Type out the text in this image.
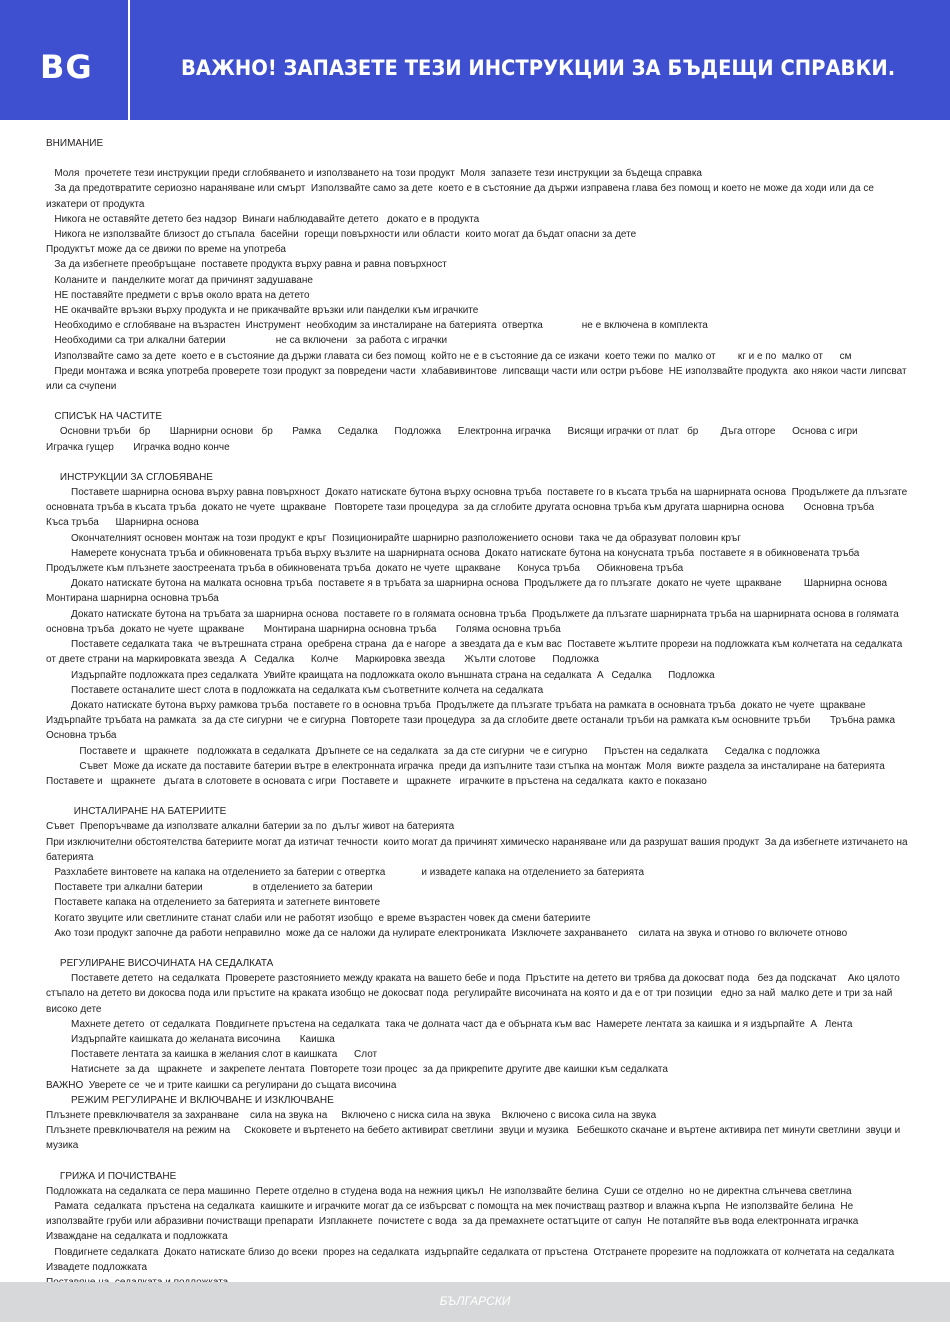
BG	ВАЖНО! ЗАПАЗЕТЕ ТЕЗИ ИНСТРУКЦИИ ЗА БЪДЕЩИ СПРАВКИ.

ВНИМАНИЕ

Моля  прочетете тези инструкции преди сглобяването и използването на този продукт  Моля  запазете тези инструкции за бъдеща справка

За да предотвратите сериозно нараняване или смърт  Използвайте само за дете  което е в състояние да държи изправена глава без помощ и което не може да ходи или да се изкатери от продукта

Никога не оставяйте детето без надзор  Винаги наблюдавайте детето   докато е в продукта

Никога не използвайте близост до стъпала  басейни  горещи повърхности или области  които могат да бъдат опасни за дете

Продуктът може да се движи по време на употреба

За да избегнете преобръщане  поставете продукта върху равна и равна повърхност

Коланите и  панделките могат да причинят задушаване

НЕ поставяйте предмети с връв около врата на детето

НЕ окачвайте връзки върху продукта и не прикачвайте връзки или панделки към играчките

Необходимо е сглобяване на възрастен  Инструмент  необходим за инсталиране на батерията  отвертка              не е включена в комплекта

Необходими са три алкални батерии                  не са включени   за работа с играчки

Използвайте само за дете  което е в състояние да държи главата си без помощ  който не е в състояние да се изкачи  което тежи по  малко от        кг и е по  малко от      см

Преди монтажа и всяка употреба проверете този продукт за повредени части  хлабавивинтове  липсващи части или остри ръбове  НЕ използвайте продукта  ако някои части липсват или са счупени

СПИСЪК НА ЧАСТИТЕ

Основни тръби   бр       Шарнирни основи   бр       Рамка      Седалка      Подложка      Електронна играчка      Висящи играчки от плат   бр        Дъга отгоре      Основа с игри         Играчка гущер       Играчка водно конче

ИНСТРУКЦИИ ЗА СГЛОБЯВАНЕ

Поставете шарнирна основа върху равна повърхност  Докато натискате бутона върху основна тръба  поставете го в късата тръба на шарнирната основа  Продължете да плъзгате основната тръба в късата тръба  докато не чуете  щракване   Повторете тази процедура  за да сглобите другата основна тръба към другата шарнирна основа       Основна тръба      Къса тръба      Шарнирна основа

Окончателният основен монтаж на този продукт е кръг  Позиционирайте шарнирно разположението основи  така че да образуват половин кръг

Намерете конусната тръба и обикновената тръба върху възлите на шарнирната основа  Докато натискате бутона на конусната тръба  поставете я в обикновената тръба  Продължете към плъзнете заостреената тръба в обикновената тръба  докато не чуете  щракване      Конуса тръба      Обикновена тръба

Докато натискате бутона на малката основна тръба  поставете я в тръбата за шарнирна основа  Продължете да го плъзгате  докато не чуете  щракване        Шарнирна основа       Монтирана шарнирна основна тръба

Докато натискате бутона на тръбата за шарнирна основа  поставете го в голямата основна тръба  Продължете да плъзгате шарнирната тръба на шарнирната основа в голямата основна тръба  докато не чуете  щракване       Монтирана шарнирна основна тръба       Голяма основна тръба

Поставете седалката така  че вътрешната страна  оребрена страна  да е нагоре  а звездата да е към вас  Поставете жълтите прорези на подложката към колчетата на седалката от двете страни на маркировката звезда  A   Седалка      Колче      Маркировка звезда       Жълти слотове      Подложка

Издърпайте подложката през седалката  Увийте краищата на подложката около външната страна на седалката  A   Седалка      Подложка

Поставете останалите шест слота в подложката на седалката към съответните колчета на седалката

Докато натискате бутона върху рамкова тръба  поставете го в основна тръба  Продължете да плъзгате тръбата на рамката в основната тръба  докато не чуете  щракване   Издърпайте тръбата на рамката  за да сте сигурни  че е сигурна  Повторете тази процедура  за да сглобите двете останали тръби на рамката към основните тръби       Тръбна рамка       Основна тръба

Поставете и   щракнете   подложката в седалката  Дръпнете се на седалката  за да сте сигурни  че е сигурно      Пръстен на седалката      Седалка с подложка

Съвет  Може да искате да поставите батерии вътре в електронната играчка  преди да изпълните тази стъпка на монтаж  Моля  вижте раздела за инсталиране на батерията  Поставете и   щракнете   дъгата в слотовете в основата с игри  Поставете и   щракнете   играчките в пръстена на седалката  както е показано

ИНСТАЛИРАНЕ НА БАТЕРИИТЕ

Съвет  Препоръчваме да използвате алкални батерии за по  дълъг живот на батерията

При изключителни обстоятелства батериите могат да изтичат течности  които могат да причинят химическо нараняване или да разрушат вашия продукт  За да избегнете изтичането на батерията

Разхлабете винтовете на капака на отделението за батерии с отвертка             и извадете капака на отделението за батерията

Поставете три алкални батерии                  в отделението за батерии

Поставете капака на отделението за батерията и затегнете винтовете

Когато звуците или светлините станат слаби или не работят изобщо  е време възрастен човек да смени батериите

Ако този продукт започне да работи неправилно  може да се наложи да нулирате електрониката  Изключете захранването    силата на звука и отново го включете отново

РЕГУЛИРАНЕ ВИСОЧИНАТА НА СЕДАЛКАТА

Поставете детето  на седалката  Проверете разстоянието между краката на вашето бебе и пода  Пръстите на детето ви трябва да докосват пода   без да подскачат    Ако цялото стъпало на детето ви докосва пода или пръстите на краката изобщо не докосват пода  регулирайте височината на която и да е от три позиции   едно за най  малко дете и три за най  високо дете

Махнете детето  от седалката  Повдигнете пръстена на седалката  така че долната част да е обърната към вас  Намерете лентата за каишка и я издърпайте  A   Лента

Издърпайте каишката до желаната височина       Каишка

Поставете лентата за каишка в желания слот в каишката      Слот

Натиснете  за да   щракнете   и закрепете лентата  Повторете този процес  за да прикрепите другите две каишки към седалката

ВАЖНО  Уверете се  че и трите каишки са регулирани до същата височина

РЕЖИМ РЕГУЛИРАНЕ И ВКЛЮЧВАНЕ И ИЗКЛЮЧВАНЕ

Плъзнете превключвателя за захранване    сила на звука на     Включено с ниска сила на звука    Включено с висока сила на звука

Плъзнете превключвателя на режим на     Скоковете и въртенето на бебето активират светлини  звуци и музика   Бебешкото скачане и въртене активира пет минути светлини  звуци и музика

ГРИЖА И ПОЧИСТВАНЕ

Подложката на седалката се пера машинно  Перете отделно в студена вода на нежния цикъл  Не използвайте белина  Суши се отделно  но не директна слънчева светлина

Рамата  седалката  пръстена на седалката  каишките и играчките могат да се избърсват с помощта на мек почистващ разтвор и влажна кърпа  Не използвайте белина  Не използвайте груби или абразивни почистващи препарати  Изплакнете  почистете с вода  за да премахнете остатъците от сапун  Не потапяйте във вода електронната играчка

Изваждане на седалката и подложката

Повдигнете седалката  Докато натискате близо до всеки  прорез на седалката  издърпайте седалката от пръстена  Отстранете прорезите на подложката от колчетата на седалката  Извадете подложката

БЪЛГАРСКИ
